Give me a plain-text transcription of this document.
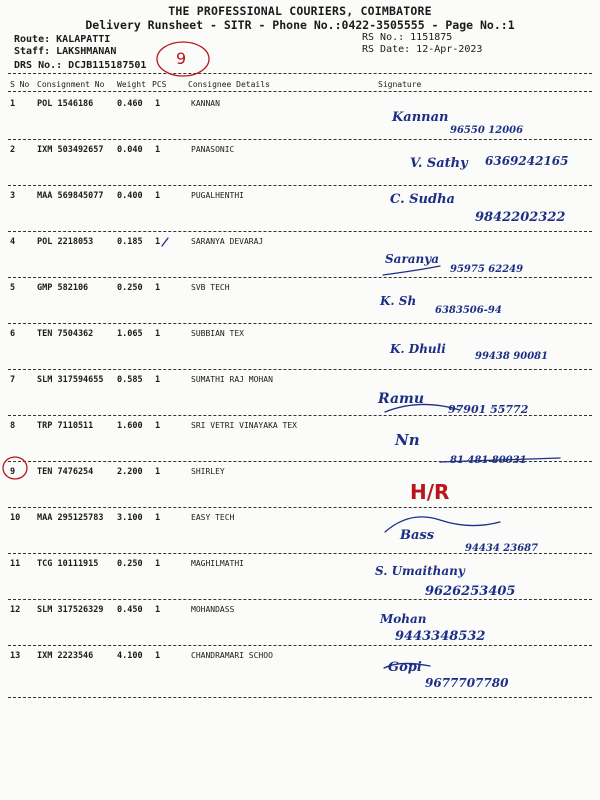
THE PROFESSIONAL COURIERS, COIMBATORE
Delivery Runsheet - SITR - Phone No.:0422-3505555 - Page No.:1
Route: KALAPATTI
Staff: LAKSHMANAN
DRS No.: DCJB115187501
RS No.: 1151875
RS Date: 12-Apr-2023
S No Consignment No Weight PCS	Consignee Details	Signature
1	POL 1546186	0.460 1	KANNAN
Kannan
96550 12006
2	IXM 503492657 0.040 1	PANASONIC
V. Sathy 6369242165
3	MAA 569845077 0.400 1	PUGALHENTHI	C. Sudha
9842202322
4	POL 2218053	0.185 1	SARANYA DEVARAJ
Saranya
95975 62249
5	GMP 582106	0.250 1	SVB TECH
K. Sh
6383506-94
6	TEN 7504362	1.065 1	SUBBIAN TEX
K. Dhuli
99438 90081
7	SLM 317594655 0.585 1	SUMATHI RAJ MOHAN
Ramu
97901 55772
8	TRP 7110511	1.600 1	SRI VETRI VINAYAKA TEX
Nn
81 481 80031
9	TEN 7476254	2.200 1	SHIRLEY
H/R
10 MAA 295125783 3.100 1	EASY TECH
Bass
94434 23687
11 TCG 10111915 0.250 1	MAGHILMATHI
S. Umaithany
9626253405
12 SLM 317526329 0.450 1	MOHANDASS
Mohan
9443348532
13 IXM 2223546	4.100 1	CHANDRAMARI SCHOO
Gopi
9677707780
9
